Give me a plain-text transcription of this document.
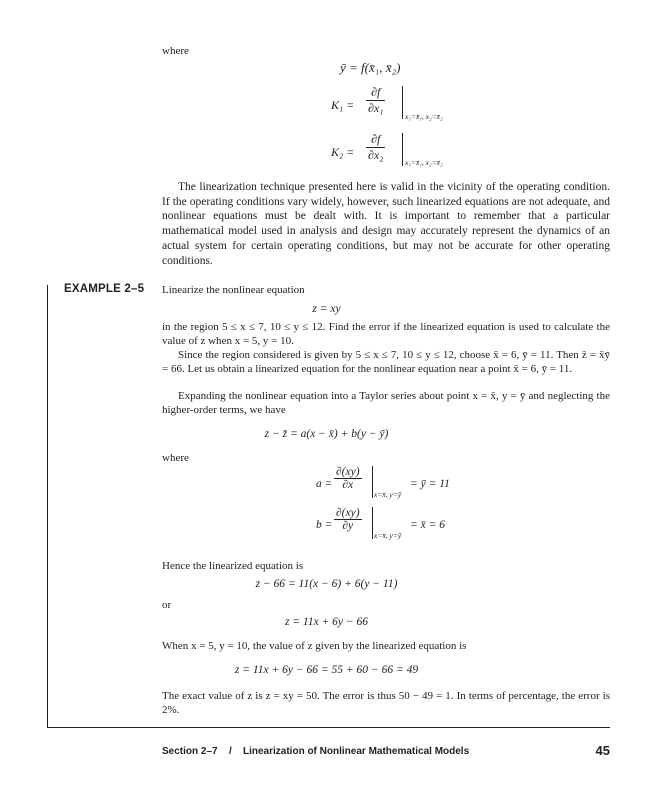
where
ȳ = f(x̄₁, x̄₂)
$K_1 = \frac{\partial f}{\text{∂x₁}}$
x₁=x̄₁, x₂=x̄₂
$K_2 = \frac{\partial f}{\text{∂x₂}}$	x₁=x̄₁, x₂=x̄₂

The linearization technique presented here is valid in the vicinity of the operating condition. If the operating conditions vary widely, however, such linearized equations are not adequate, and nonlinear equations must be dealt with. It is important to remember that a particular mathematical model used in analysis and design may accurately represent the dynamics of an actual system for certain operating conditions, but may not be accurate for other operating conditions.

EXAMPLE 2–5 Linearize the nonlinear equation
z = xy

in the region 5 ≤ x ≤ 7, 10 ≤ y ≤ 12. Find the error if the linearized equation is used to calculate the value of z when x = 5, y = 10.

Since the region considered is given by 5 ≤ x ≤ 7, 10 ≤ y ≤ 12, choose x̄ = 6, ȳ = 11. Then z̄ = x̄ȳ = 66. Let us obtain a linearized equation for the nonlinear equation near a point x̄ = 6, ȳ = 11.

Expanding the nonlinear equation into a Taylor series about point x = x̄, y = ȳ and neglecting the higher-order terms, we have

z − z̄ = a(x − x̄) + b(y − ȳ)
where
$a = \frac{\partial(xy)}{\partial x}$
x=x̄, y=ȳ
= ȳ = 11
$b = \frac{\partial(xy)}{\partial y}$
x=x̄, y=ȳ
= x̄ = 6
Hence the linearized equation is
z − 66 = 11(x − 6) + 6(y − 11)
or
z = 11x + 6y − 66
When x = 5, y = 10, the value of z given by the linearized equation is
z = 11x + 6y − 66 = 55 + 60 − 66 = 49

The exact value of z is z = xy = 50. The error is thus 50 − 49 = 1. In terms of percentage, the error is 2%.

Section 2–7 / Linearization of Nonlinear Mathematical Models	45
